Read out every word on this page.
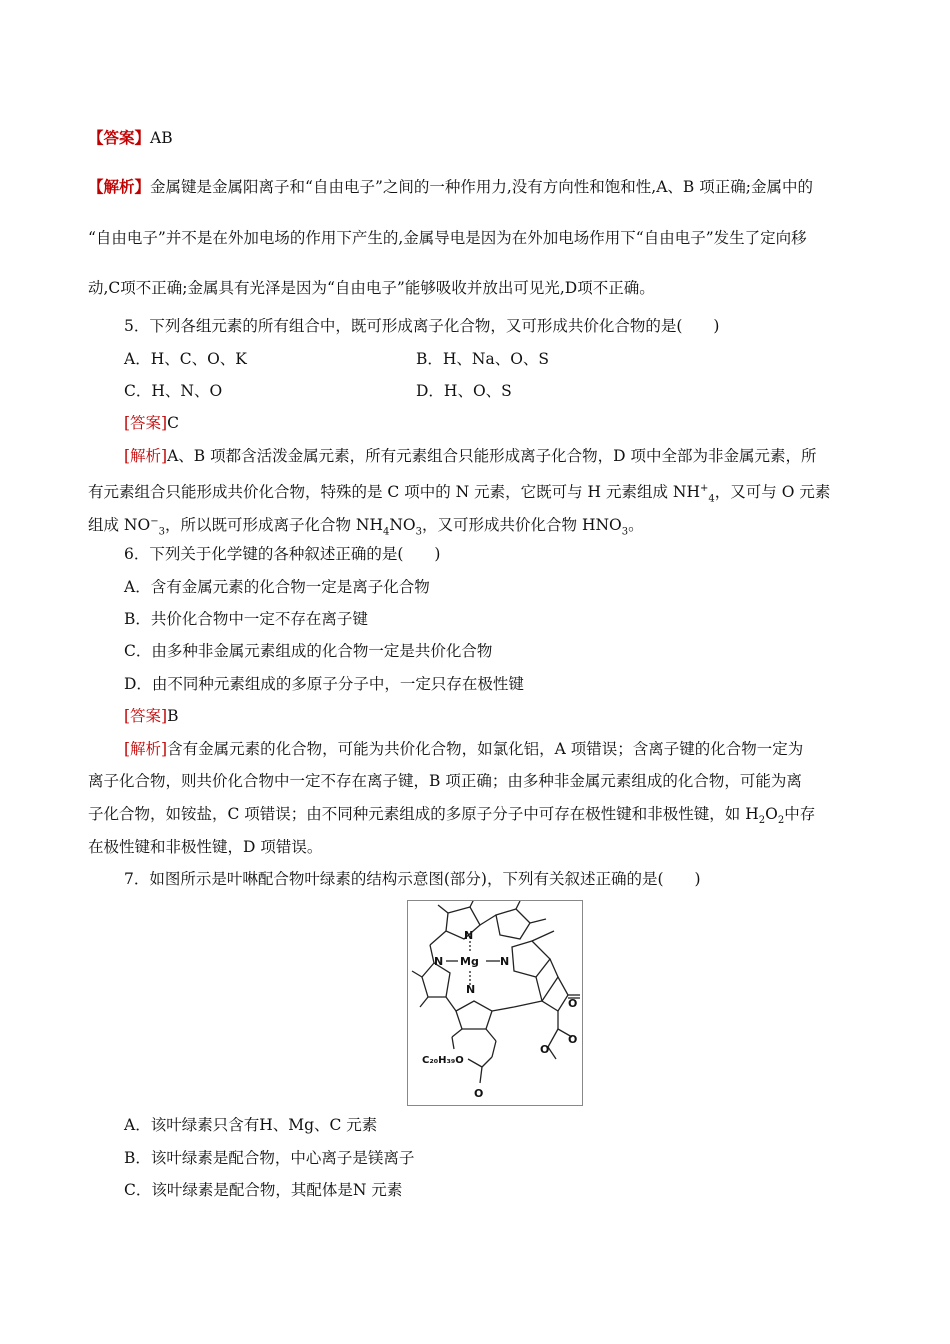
【答案】AB
【解析】金属键是金属阳离子和“自由电子”之间的一种作用力,没有方向性和饱和性,A、B 项正确;金属中的
“自由电子”并不是在外加电场的作用下产生的,金属导电是因为在外加电场作用下“自由电子”发生了定向移
动,C项不正确;金属具有光泽是因为“自由电子”能够吸收并放出可见光,D项不正确。
5．下列各组元素的所有组合中，既可形成离子化合物，又可形成共价化合物的是(　　)
A．H、C、O、K	B．H、Na、O、S
C．H、N、O	D．H、O、S
[答案]C
[解析]A、B 项都含活泼金属元素，所有元素组合只能形成离子化合物，D 项中全部为非金属元素，所
有元素组合只能形成共价化合物，特殊的是 C 项中的 N 元素，它既可与 H 元素组成 $NH^+_4$，又可与 O 元素
组成 $NO^-_3$，所以既可形成离子化合物 $NH_4NO_3$，又可形成共价化合物 $HNO_3$。
6．下列关于化学键的各种叙述正确的是(　　)
A．含有金属元素的化合物一定是离子化合物
B．共价化合物中一定不存在离子键
C．由多种非金属元素组成的化合物一定是共价化合物
D．由不同种元素组成的多原子分子中，一定只存在极性键
[答案]B
[解析]含有金属元素的化合物，可能为共价化合物，如氯化铝，A 项错误；含离子键的化合物一定为
离子化合物，则共价化合物中一定不存在离子键，B 项正确；由多种非金属元素组成的化合物，可能为离
子化合物，如铵盐，C 项错误；由不同种元素组成的多原子分子中可存在极性键和非极性键，如 $H_2O_2$中存
在极性键和非极性键，D 项错误。
7．如图所示是叶啉配合物叶绿素的结构示意图(部分)，下列有关叙述正确的是(　　)
N
N Mg N
N
O
O
O
C₂₀H₃₉O
O
A．该叶绿素只含有H、Mg、C 元素
B．该叶绿素是配合物，中心离子是镁离子
C．该叶绿素是配合物，其配体是N 元素
